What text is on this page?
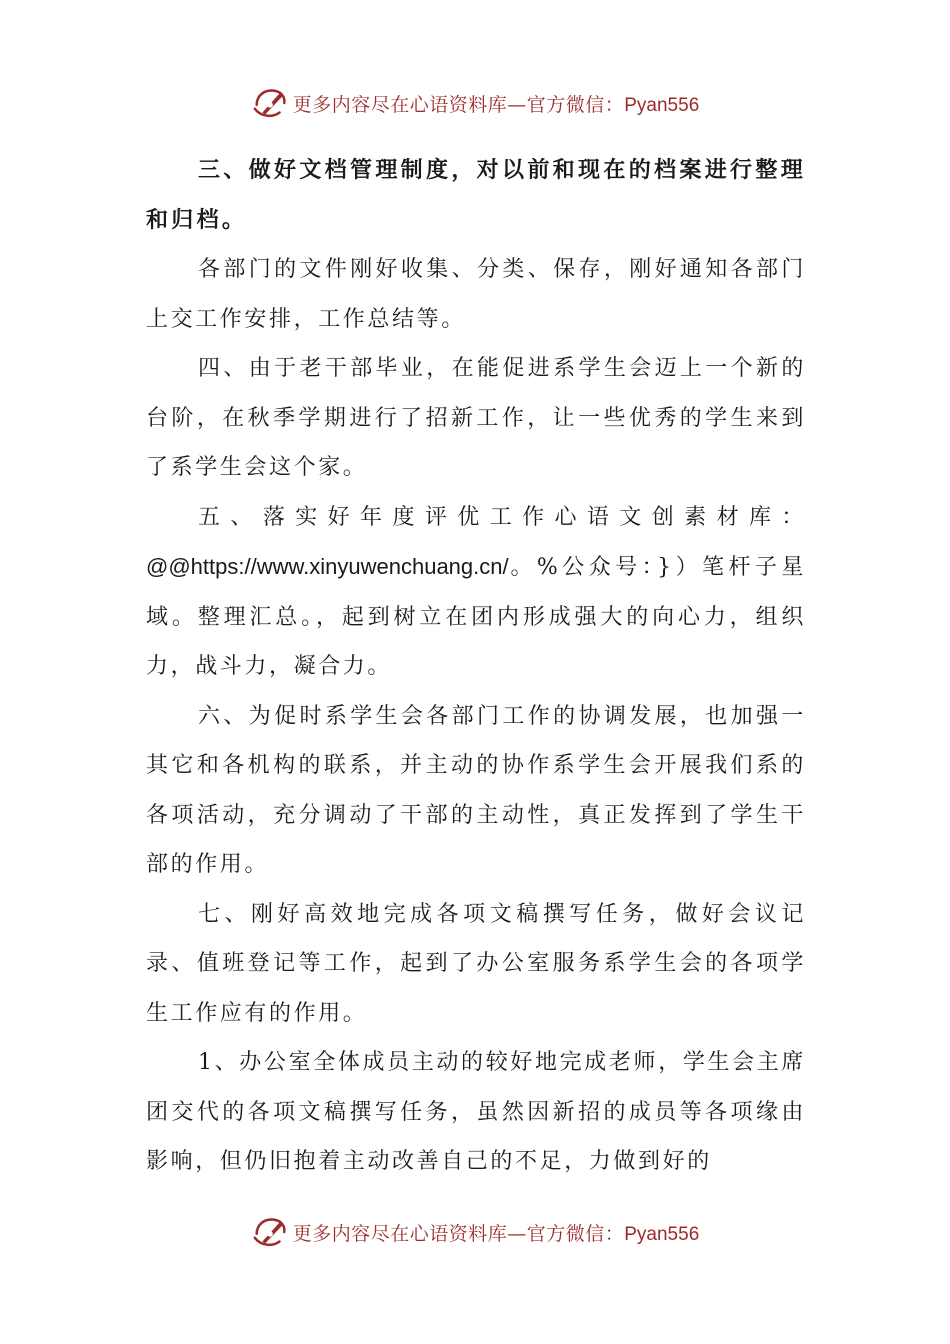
更多内容尽在心语资料库—官方微信：Pyan556

三、做好文档管理制度，对以前和现在的档案进行整理和归档。

各部门的文件刚好收集、分类、保存，刚好通知各部门上交工作安排，工作总结等。

四、由于老干部毕业，在能促进系学生会迈上一个新的台阶，在秋季学期进行了招新工作，让一些优秀的学生来到了系学生会这个家。

五、落实好年度评优工作心语文创素材库：

@@https://www.xinyuwenchuang.cn/。%公众号：}）笔杆子星域。整理汇总。，起到树立在团内形成强大的向心力，组织力，战斗力，凝合力。

六、为促时系学生会各部门工作的协调发展，也加强一其它和各机构的联系，并主动的协作系学生会开展我们系的各项活动，充分调动了干部的主动性，真正发挥到了学生干部的作用。

七、刚好高效地完成各项文稿撰写任务，做好会议记录、值班登记等工作，起到了办公室服务系学生会的各项学生工作应有的作用。

1、办公室全体成员主动的较好地完成老师，学生会主席团交代的各项文稿撰写任务，虽然因新招的成员等各项缘由影响，但仍旧抱着主动改善自己的不足，力做到好的

更多内容尽在心语资料库—官方微信：Pyan556
